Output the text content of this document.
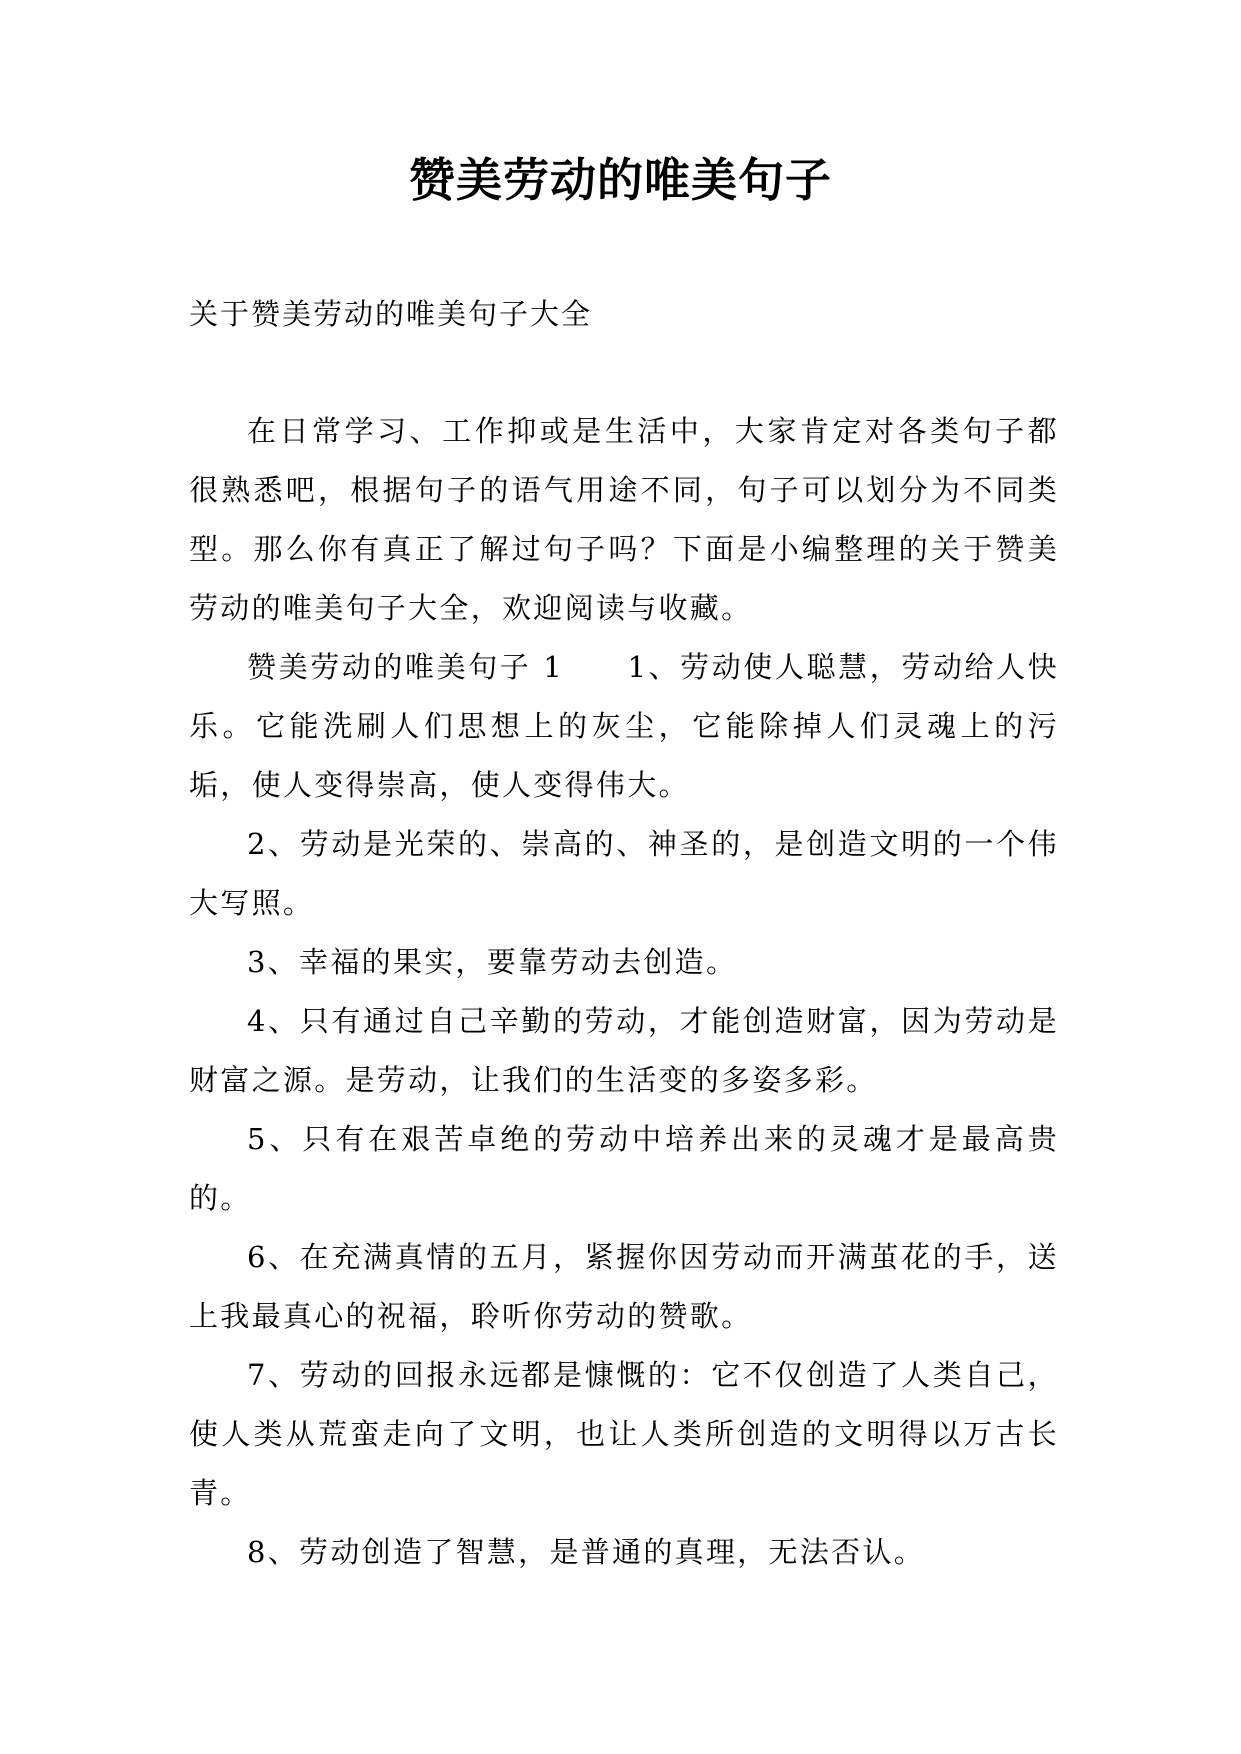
赞美劳动的唯美句子

关于赞美劳动的唯美句子大全

在日常学习、工作抑或是生活中，大家肯定对各类句子都很熟悉吧，根据句子的语气用途不同，句子可以划分为不同类型。那么你有真正了解过句子吗？下面是小编整理的关于赞美劳动的唯美句子大全，欢迎阅读与收藏。

赞美劳动的唯美句子 1　　1、劳动使人聪慧，劳动给人快乐。它能洗刷人们思想上的灰尘，它能除掉人们灵魂上的污垢，使人变得崇高，使人变得伟大。

2、劳动是光荣的、崇高的、神圣的，是创造文明的一个伟大写照。

3、幸福的果实，要靠劳动去创造。

4、只有通过自己辛勤的劳动，才能创造财富，因为劳动是财富之源。是劳动，让我们的生活变的多姿多彩。

5、只有在艰苦卓绝的劳动中培养出来的灵魂才是最高贵的。

6、在充满真情的五月，紧握你因劳动而开满茧花的手，送上我最真心的祝福，聆听你劳动的赞歌。

7、劳动的回报永远都是慷慨的：它不仅创造了人类自己，使人类从荒蛮走向了文明，也让人类所创造的文明得以万古长青。

8、劳动创造了智慧，是普通的真理，无法否认。
